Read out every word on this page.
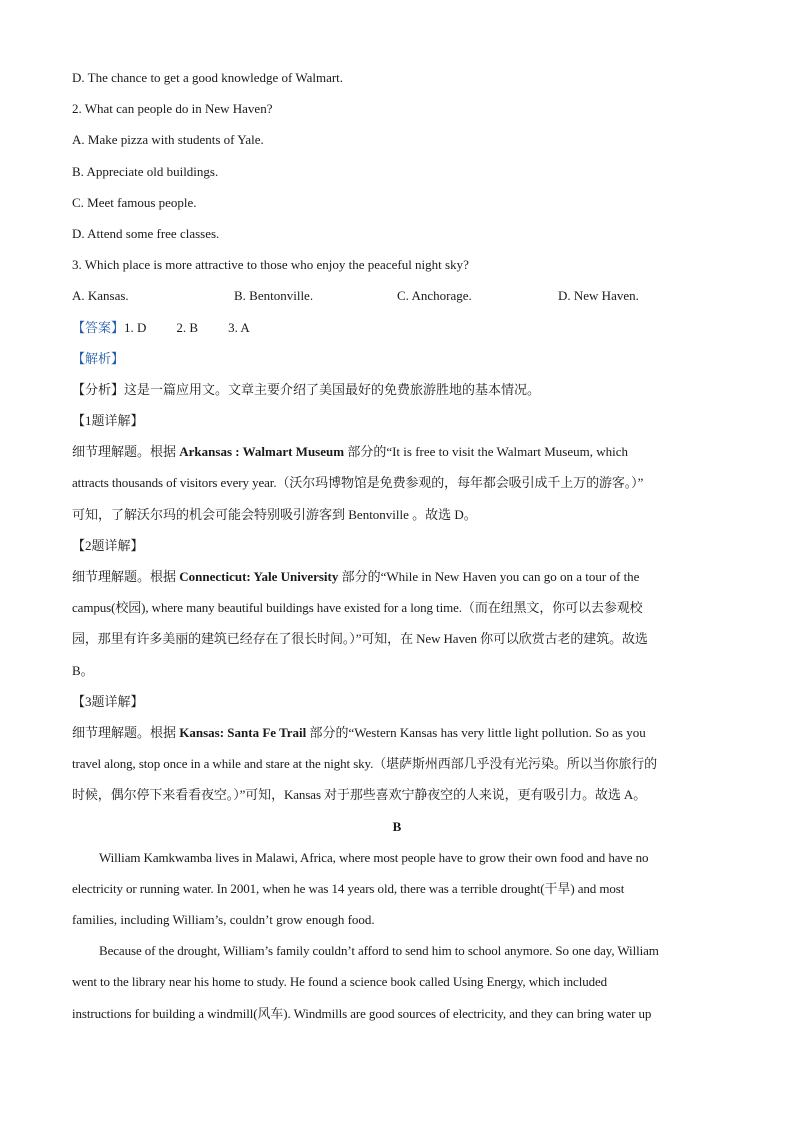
D. The chance to get a good knowledge of Walmart.
2. What can people do in New Haven?
A. Make pizza with students of Yale.
B. Appreciate old buildings.
C. Meet famous people.
D. Attend some free classes.
3. Which place is more attractive to those who enjoy the peaceful night sky?
A. Kansas.	B. Bentonville.	C. Anchorage.	D. New Haven.
【答案】1. D 2. B 3. A
【解析】
【分析】这是一篇应用文。文章主要介绍了美国最好的免费旅游胜地的基本情况。
【1题详解】
细节理解题。根据 Arkansas : Walmart Museum 部分的“It is free to visit the Walmart Museum, which
attracts thousands of visitors every year.（沃尔玛博物馆是免费参观的，每年都会吸引成千上万的游客。）”
可知，了解沃尔玛的机会可能会特别吸引游客到 Bentonville 。故选 D。
【2题详解】
细节理解题。根据 Connecticut: Yale University 部分的“While in New Haven you can go on a tour of the
campus(校园), where many beautiful buildings have existed for a long time.（而在纽黑文，你可以去参观校
园，那里有许多美丽的建筑已经存在了很长时间。）”可知，在 New Haven 你可以欣赏古老的建筑。故选
B。
【3题详解】
细节理解题。根据 Kansas: Santa Fe Trail 部分的“Western Kansas has very little light pollution. So as you
travel along, stop once in a while and stare at the night sky.（堪萨斯州西部几乎没有光污染。所以当你旅行的
时候，偶尔停下来看看夜空。）”可知，Kansas 对于那些喜欢宁静夜空的人来说，更有吸引力。故选 A。
B
William Kamkwamba lives in Malawi, Africa, where most people have to grow their own food and have no
electricity or running water. In 2001, when he was 14 years old, there was a terrible drought(干旱) and most
families, including William’s, couldn’t grow enough food.
Because of the drought, William’s family couldn’t afford to send him to school anymore. So one day, William
went to the library near his home to study. He found a science book called Using Energy, which included
instructions for building a windmill(风车). Windmills are good sources of electricity, and they can bring water up
